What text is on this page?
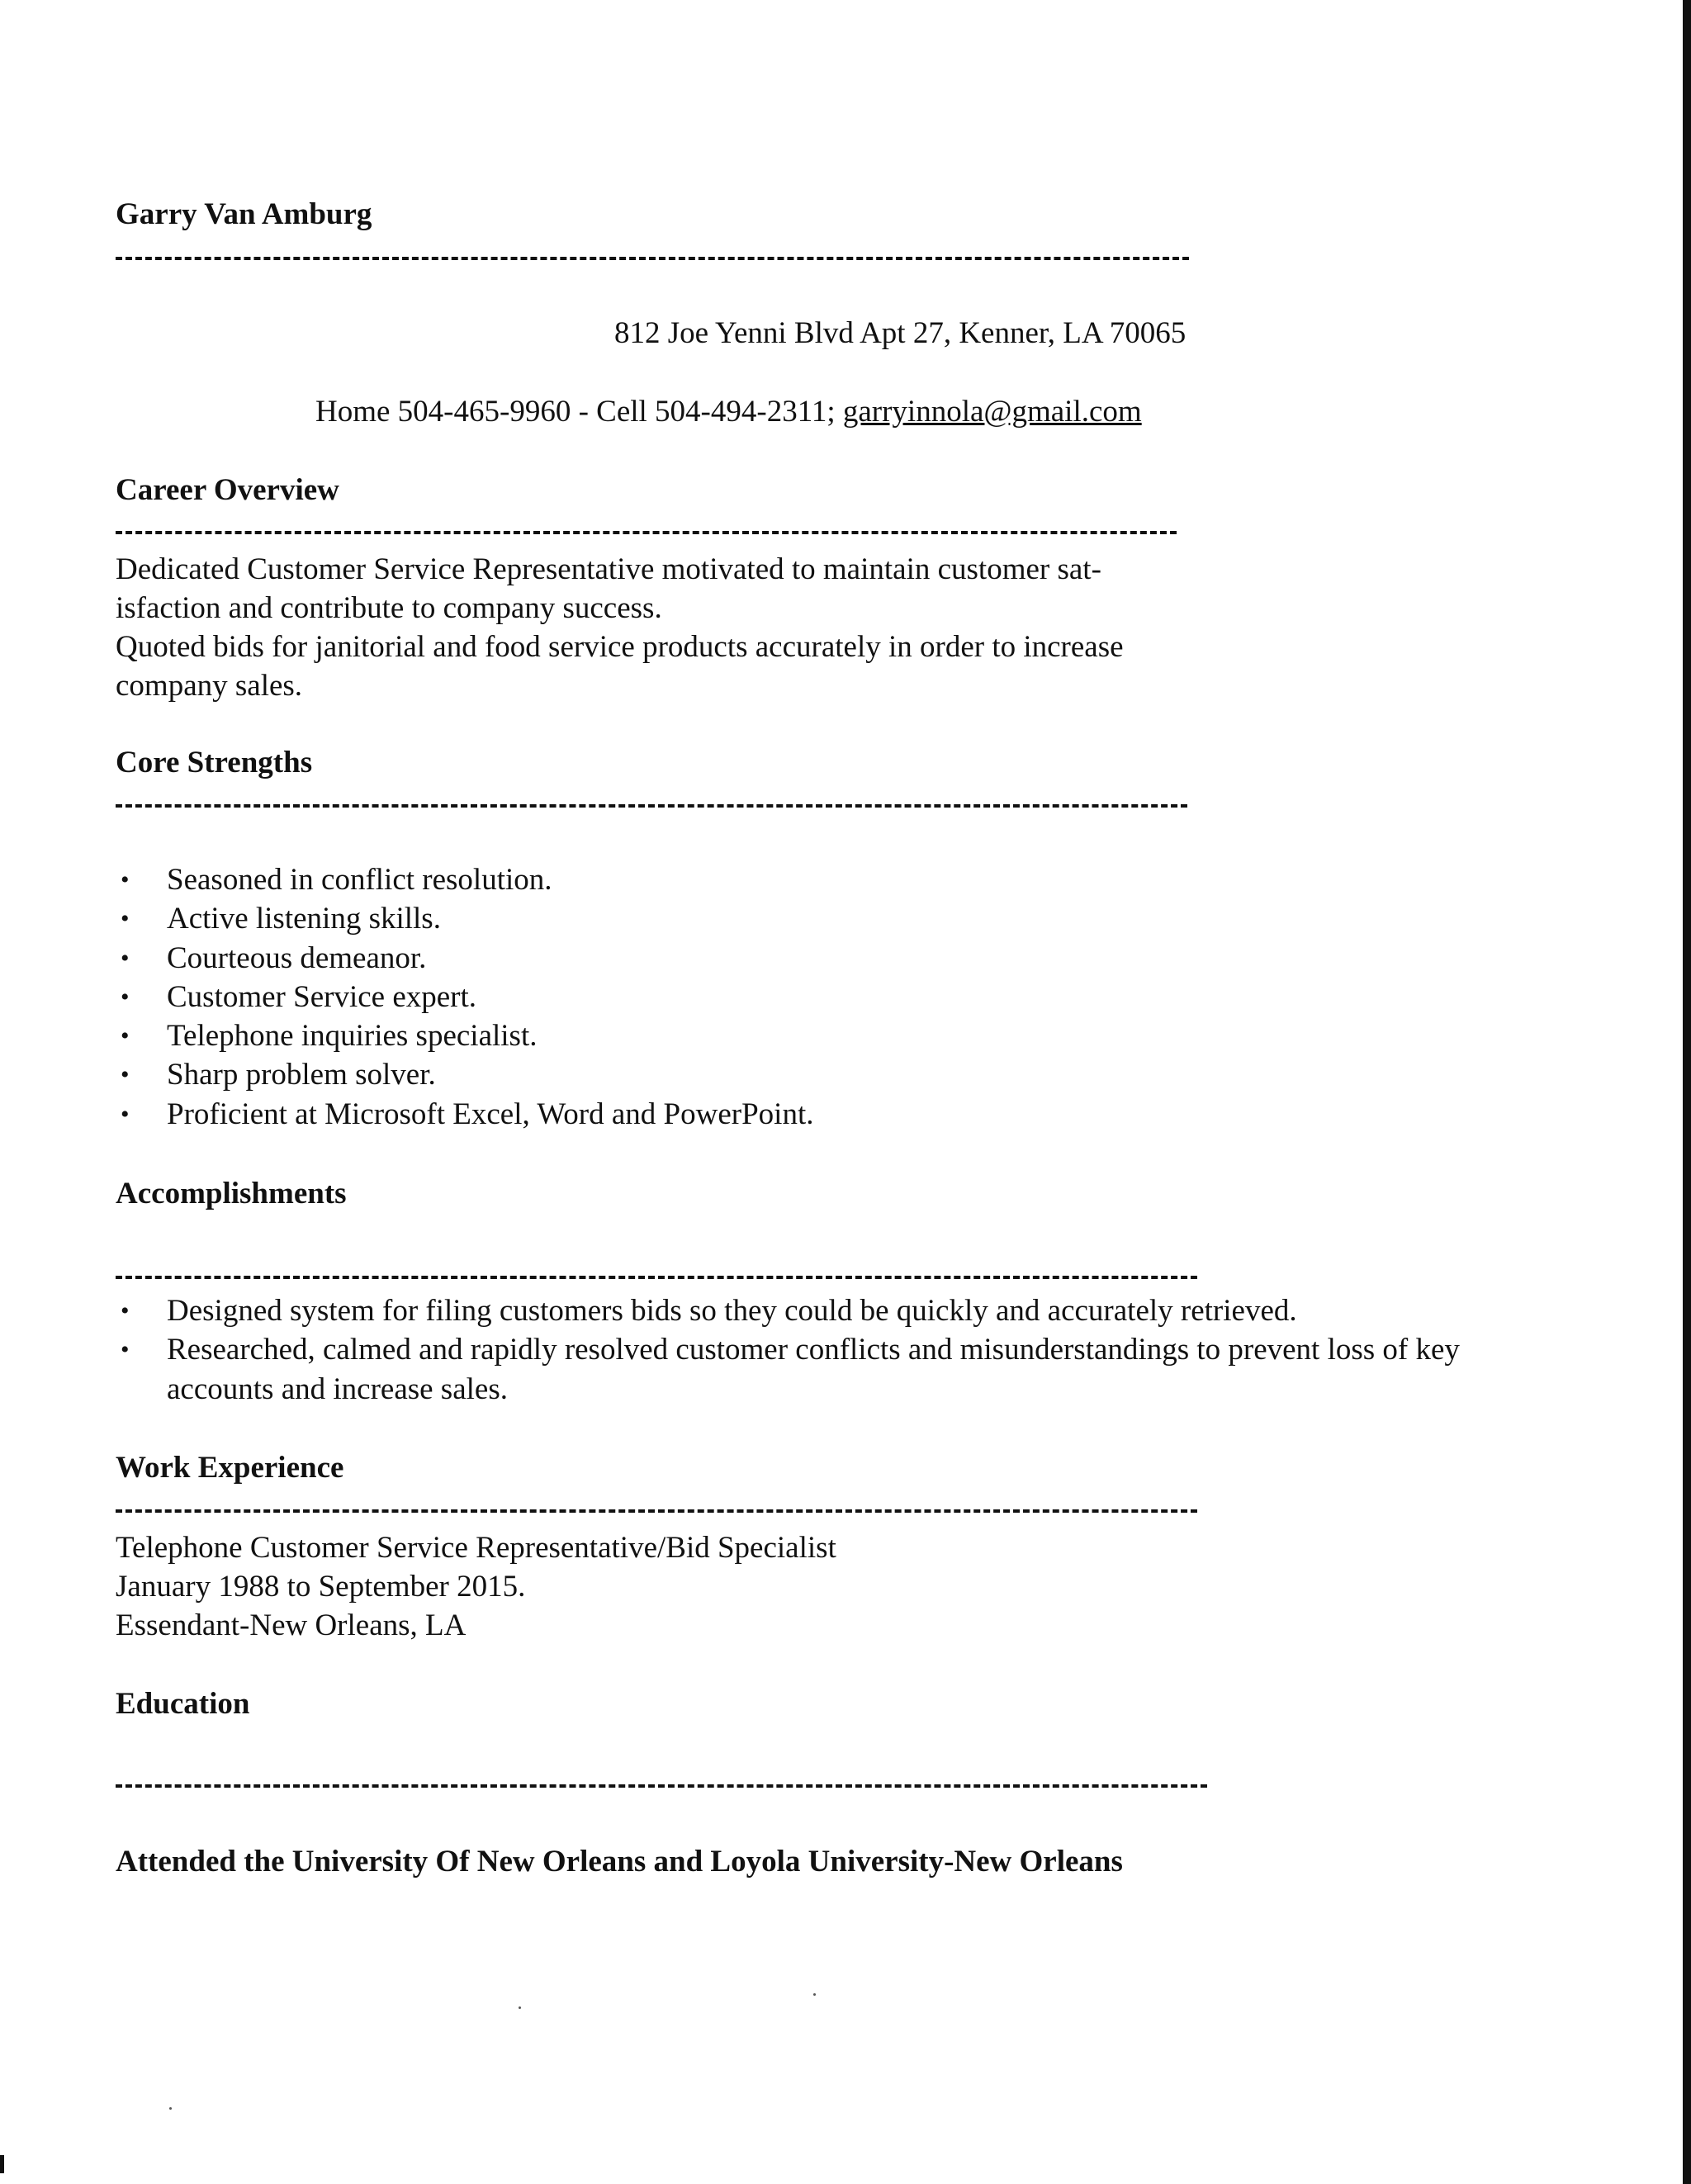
Garry Van Amburg
812 Joe Yenni Blvd Apt 27, Kenner, LA 70065
Home 504-465-9960 - Cell 504-494-2311; garryinnola@gmail.com
Career Overview
Dedicated Customer Service Representative motivated to maintain customer sat-
isfaction and contribute to company success.
Quoted bids for janitorial and food service products accurately in order to increase
company sales.
Core Strengths
• Seasoned in conflict resolution.
• Active listening skills.
• Courteous demeanor.
• Customer Service expert.
• Telephone inquiries specialist.
• Sharp problem solver.
• Proficient at Microsoft Excel, Word and PowerPoint.
Accomplishments
• Designed system for filing customers bids so they could be quickly and accurately retrieved.
• Researched, calmed and rapidly resolved customer conflicts and misunderstandings to prevent loss of key accounts and increase sales.
Work Experience
Telephone Customer Service Representative/Bid Specialist
January 1988 to September 2015.
Essendant-New Orleans, LA
Education
Attended the University Of New Orleans and Loyola University-New Orleans
